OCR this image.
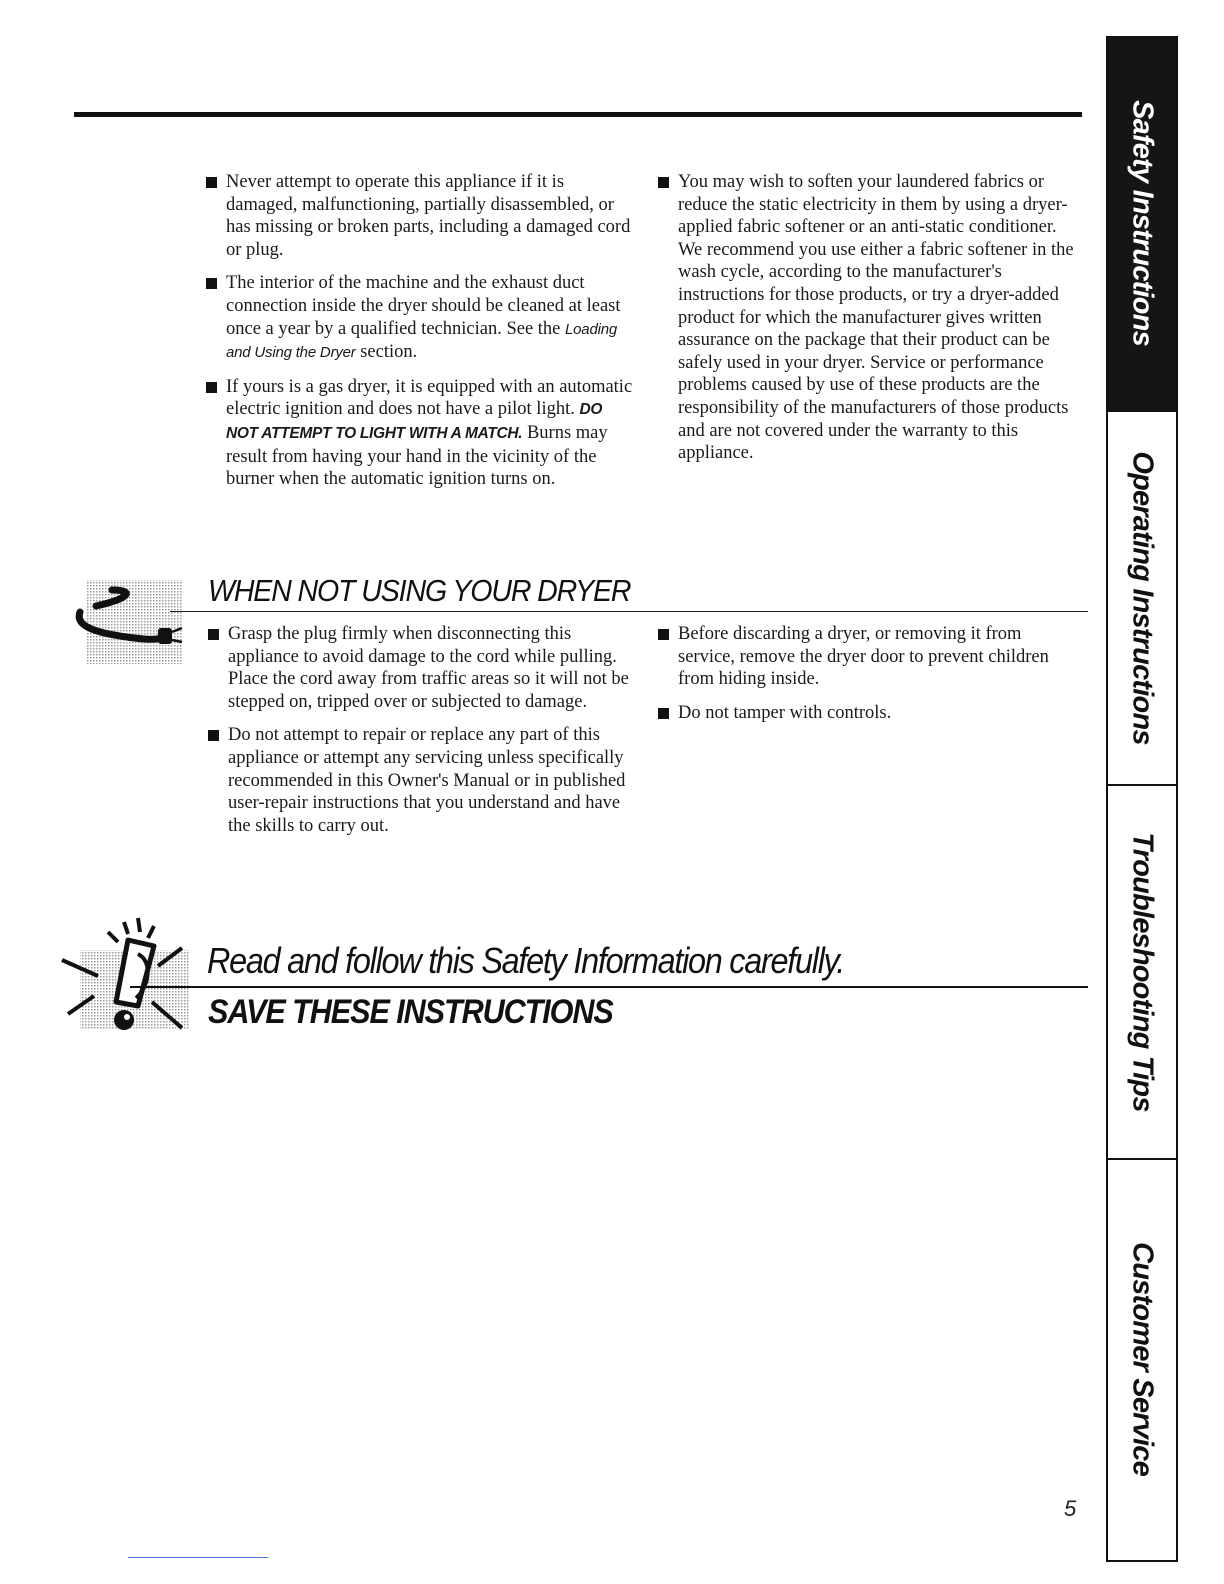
Never attempt to operate this appliance if it is damaged, malfunctioning, partially disassembled, or has missing or broken parts, including a damaged cord or plug.
The interior of the machine and the exhaust duct connection inside the dryer should be cleaned at least once a year by a qualified technician. See the Loading and Using the Dryer section.
If yours is a gas dryer, it is equipped with an automatic electric ignition and does not have a pilot light. DO NOT ATTEMPT TO LIGHT WITH A MATCH. Burns may result from having your hand in the vicinity of the burner when the automatic ignition turns on.
You may wish to soften your laundered fabrics or reduce the static electricity in them by using a dryer-applied fabric softener or an anti-static conditioner. We recommend you use either a fabric softener in the wash cycle, according to the manufacturer's instructions for those products, or try a dryer-added product for which the manufacturer gives written assurance on the package that their product can be safely used in your dryer. Service or performance problems caused by use of these products are the responsibility of the manufacturers of those products and are not covered under the warranty to this appliance.
WHEN NOT USING YOUR DRYER
Grasp the plug firmly when disconnecting this appliance to avoid damage to the cord while pulling. Place the cord away from traffic areas so it will not be stepped on, tripped over or subjected to damage.
Do not attempt to repair or replace any part of this appliance or attempt any servicing unless specifically recommended in this Owner's Manual or in published user-repair instructions that you understand and have the skills to carry out.
Before discarding a dryer, or removing it from service, remove the dryer door to prevent children from hiding inside.
Do not tamper with controls.
Read and follow this Safety Information carefully.
SAVE THESE INSTRUCTIONS
Safety Instructions
Operating Instructions
Troubleshooting Tips
Customer Service
5
